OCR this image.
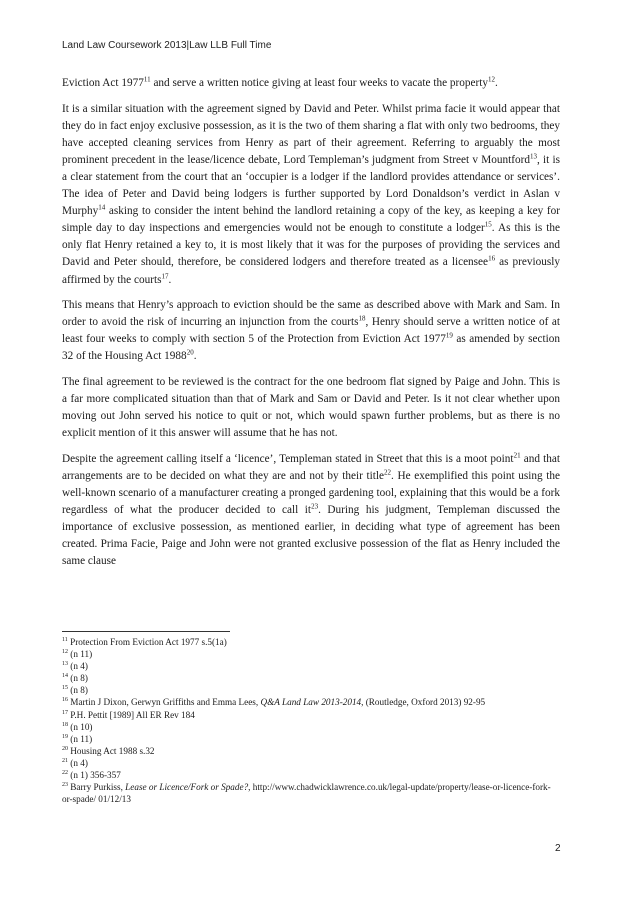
Land Law Coursework 2013|Law LLB Full Time

Eviction Act 1977$^{11}$ and serve a written notice giving at least four weeks to vacate the property$^{12}$.

It is a similar situation with the agreement signed by David and Peter. Whilst prima facie it would appear that they do in fact enjoy exclusive possession, as it is the two of them sharing a flat with only two bedrooms, they have accepted cleaning services from Henry as part of their agreement. Referring to arguably the most prominent precedent in the lease/licence debate, Lord Templeman’s judgment from Street v Mountford$^{13}$, it is a clear statement from the court that an ‘occupier is a lodger if the landlord provides attendance or services’. The idea of Peter and David being lodgers is further supported by Lord Donaldson’s verdict in Aslan v Murphy$^{14}$ asking to consider the intent behind the landlord retaining a copy of the key, as keeping a key for simple day to day inspections and emergencies would not be enough to constitute a lodger$^{15}$. As this is the only flat Henry retained a key to, it is most likely that it was for the purposes of providing the services and David and Peter should, therefore, be considered lodgers and therefore treated as a licensee$^{16}$ as previously affirmed by the courts$^{17}$.

This means that Henry’s approach to eviction should be the same as described above with Mark and Sam. In order to avoid the risk of incurring an injunction from the courts$^{18}$, Henry should serve a written notice of at least four weeks to comply with section 5 of the Protection from Eviction Act 1977$^{19}$ as amended by section 32 of the Housing Act 1988$^{20}$.

The final agreement to be reviewed is the contract for the one bedroom flat signed by Paige and John. This is a far more complicated situation than that of Mark and Sam or David and Peter. Is it not clear whether upon moving out John served his notice to quit or not, which would spawn further problems, but as there is no explicit mention of it this answer will assume that he has not.

Despite the agreement calling itself a ‘licence’, Templeman stated in Street that this is a moot point$^{21}$ and that arrangements are to be decided on what they are and not by their title$^{22}$. He exemplified this point using the well-known scenario of a manufacturer creating a pronged gardening tool, explaining that this would be a fork regardless of what the producer decided to call $it^{23}$. During his judgment, Templeman discussed the importance of exclusive possession, as mentioned earlier, in deciding what type of agreement has been created. Prima Facie, Paige and John were not granted exclusive possession of the flat as Henry included the same clause

$^{11}$ Protection From Eviction Act 1977 s.5(1a)

$^{12}$ (n 11)

$^{13}$ (n 4)

$^{14}$ (n 8)

$^{15}$ (n 8)

$^{16}$ Martin J Dixon, Gerwyn Griffiths and Emma Lees, Q&A Land Law 2013-2014, (Routledge, Oxford 2013) 92-95

$^{17}$ P.H. Pettit [1989] All ER Rev 184

$^{18}$ (n 10)

$^{19}$ (n 11)

$^{20}$ Housing Act 1988 s.32

$^{21}$ (n 4)

$^{22}$ (n 1) 356-357

$^{23}$ Barry Purkiss, Lease or Licence/Fork or Spade?, http://www.chadwicklawrence.co.uk/legal-update/property/lease-or-licence-fork-or-spade/ 01/12/13

2
